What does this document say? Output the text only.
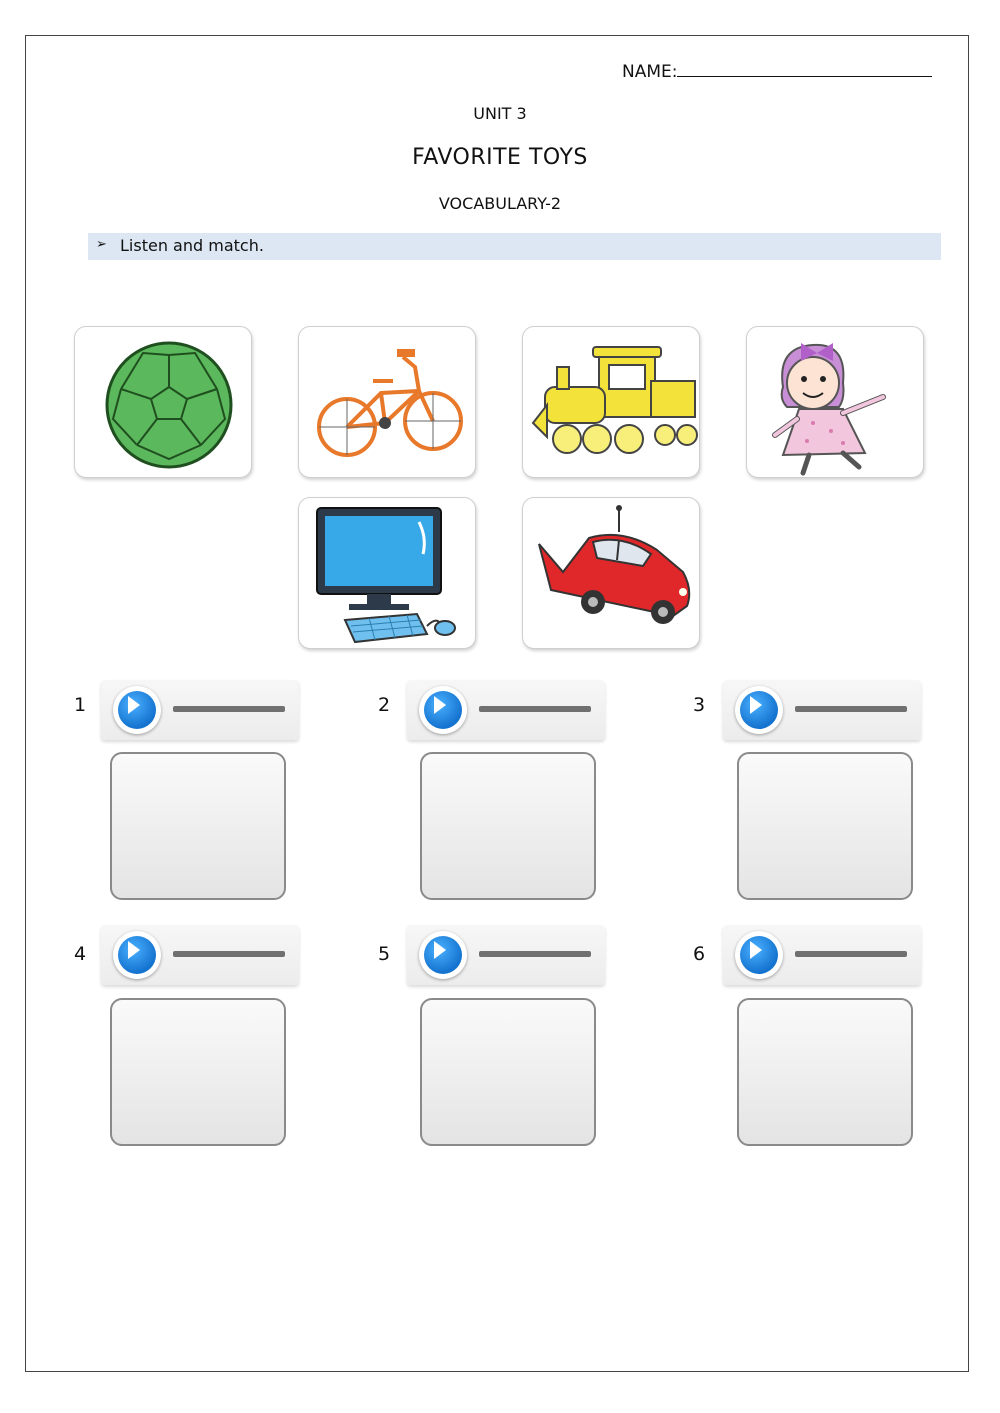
NAME:
UNIT 3
FAVORITE TOYS
VOCABULARY-2
➢ Listen and match.
1	2	3
4	5	6
